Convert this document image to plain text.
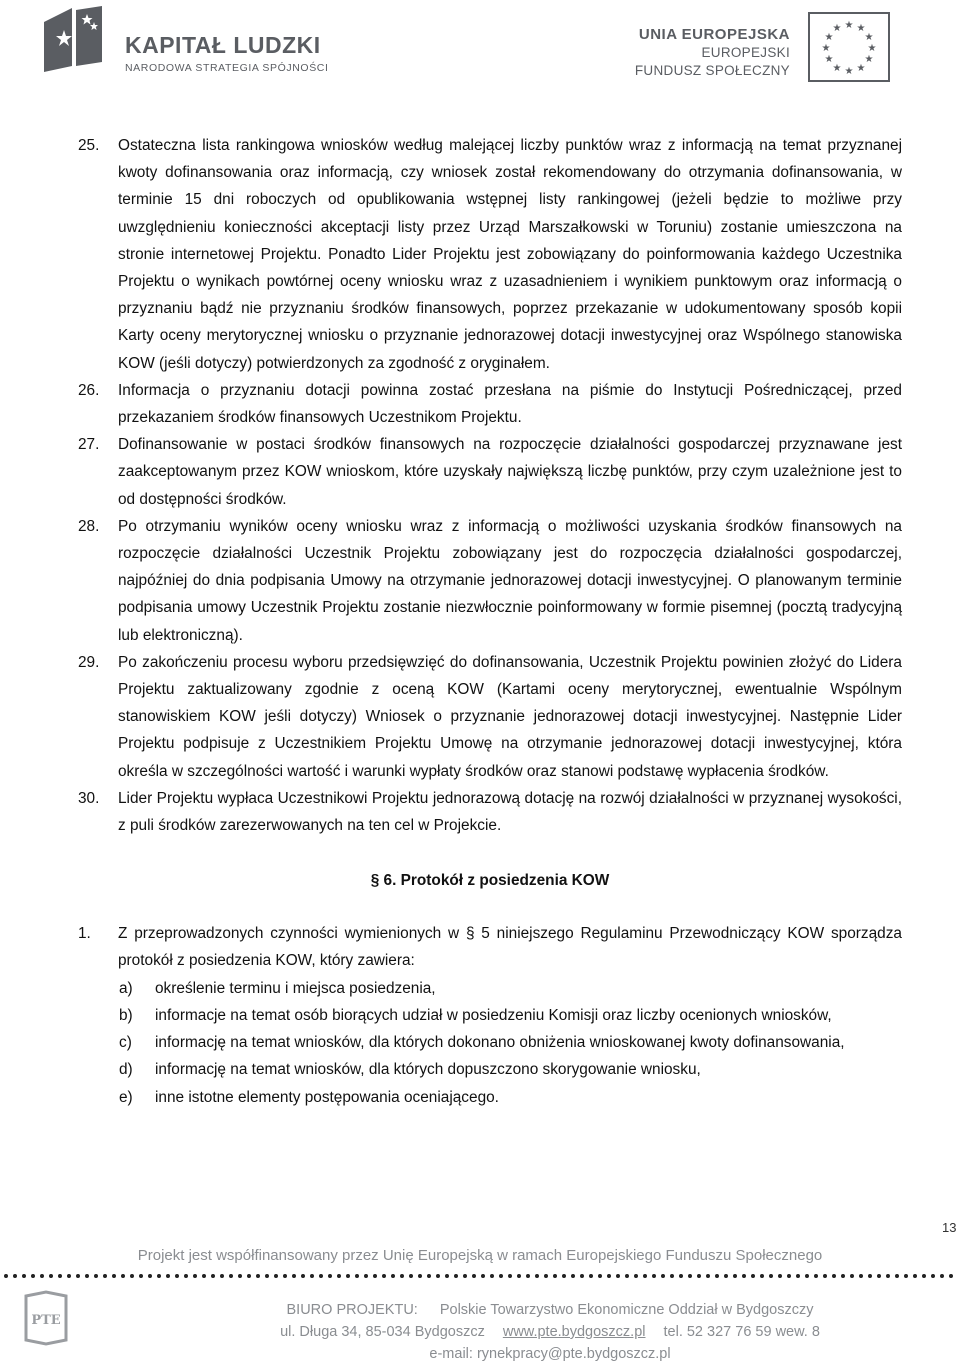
KAPITAŁ LUDZKI
NARODOWA STRATEGIA SPÓJNOŚCI
UNIA EUROPEJSKA
EUROPEJSKI
FUNDUSZ SPOŁECZNY
★ ★
★
★
★
★
★
★
★
★
★
★

25. Ostateczna lista rankingowa wniosków według malejącej liczby punktów wraz z informacją na temat przyznanej kwoty dofinansowania oraz informacją, czy wniosek został rekomendowany do otrzymania dofinansowania, w terminie 15 dni roboczych od opublikowania wstępnej listy rankingowej (jeżeli będzie to możliwe przy uwzględnieniu konieczności akceptacji listy przez Urząd Marszałkowski w Toruniu) zostanie umieszczona na stronie internetowej Projektu. Ponadto Lider Projektu jest zobowiązany do poinformowania każdego Uczestnika Projektu o wynikach powtórnej oceny wniosku wraz z uzasadnieniem i wynikiem punktowym oraz informacją o przyznaniu bądź nie przyznaniu środków finansowych, poprzez przekazanie w udokumentowany sposób kopii Karty oceny merytorycznej wniosku o przyznanie jednorazowej dotacji inwestycyjnej oraz Wspólnego stanowiska KOW (jeśli dotyczy) potwierdzonych za zgodność z oryginałem.

26. Informacja o przyznaniu dotacji powinna zostać przesłana na piśmie do Instytucji Pośredniczącej, przed przekazaniem środków finansowych Uczestnikom Projektu.

27. Dofinansowanie w postaci środków finansowych na rozpoczęcie działalności gospodarczej przyznawane jest zaakceptowanym przez KOW wnioskom, które uzyskały największą liczbę punktów, przy czym uzależnione jest to od dostępności środków.

28. Po otrzymaniu wyników oceny wniosku wraz z informacją o możliwości uzyskania środków finansowych na rozpoczęcie działalności Uczestnik Projektu zobowiązany jest do rozpoczęcia działalności gospodarczej, najpóźniej do dnia podpisania Umowy na otrzymanie jednorazowej dotacji inwestycyjnej. O planowanym terminie podpisania umowy Uczestnik Projektu zostanie niezwłocznie poinformowany w formie pisemnej (pocztą tradycyjną lub elektroniczną).

29. Po zakończeniu procesu wyboru przedsięwzięć do dofinansowania, Uczestnik Projektu powinien złożyć do Lidera Projektu zaktualizowany zgodnie z oceną KOW (Kartami oceny merytorycznej, ewentualnie Wspólnym stanowiskiem KOW jeśli dotyczy) Wniosek o przyznanie jednorazowej dotacji inwestycyjnej. Następnie Lider Projektu podpisuje z Uczestnikiem Projektu Umowę na otrzymanie jednorazowej dotacji inwestycyjnej, która określa w szczególności wartość i warunki wypłaty środków oraz stanowi podstawę wypłacenia środków.

30. Lider Projektu wypłaca Uczestnikowi Projektu jednorazową dotację na rozwój działalności w przyznanej wysokości, z puli środków zarezerwowanych na ten cel w Projekcie.

§ 6. Protokół z posiedzenia KOW

1. Z przeprowadzonych czynności wymienionych w § 5 niniejszego Regulaminu Przewodniczący KOW sporządza protokół z posiedzenia KOW, który zawiera:

a) określenie terminu i miejsca posiedzenia,
b) informacje na temat osób biorących udział w posiedzeniu Komisji oraz liczby ocenionych wniosków,
c) informację na temat wniosków, dla których dokonano obniżenia wnioskowanej kwoty dofinansowania,
d) informację na temat wniosków, dla których dopuszczono skorygowanie wniosku,
e) inne istotne elementy postępowania oceniającego.
13
Projekt jest współfinansowany przez Unię Europejską w ramach Europejskiego Funduszu Społecznego
PTE
BIURO PROJEKTU: Polskie Towarzystwo Ekonomiczne Oddział w Bydgoszczy
ul. Długa 34, 85-034 Bydgoszcz www.pte.bydgoszcz.pl tel. 52 327 76 59 wew. 8
e-mail: rynekpracy@pte.bydgoszcz.pl
